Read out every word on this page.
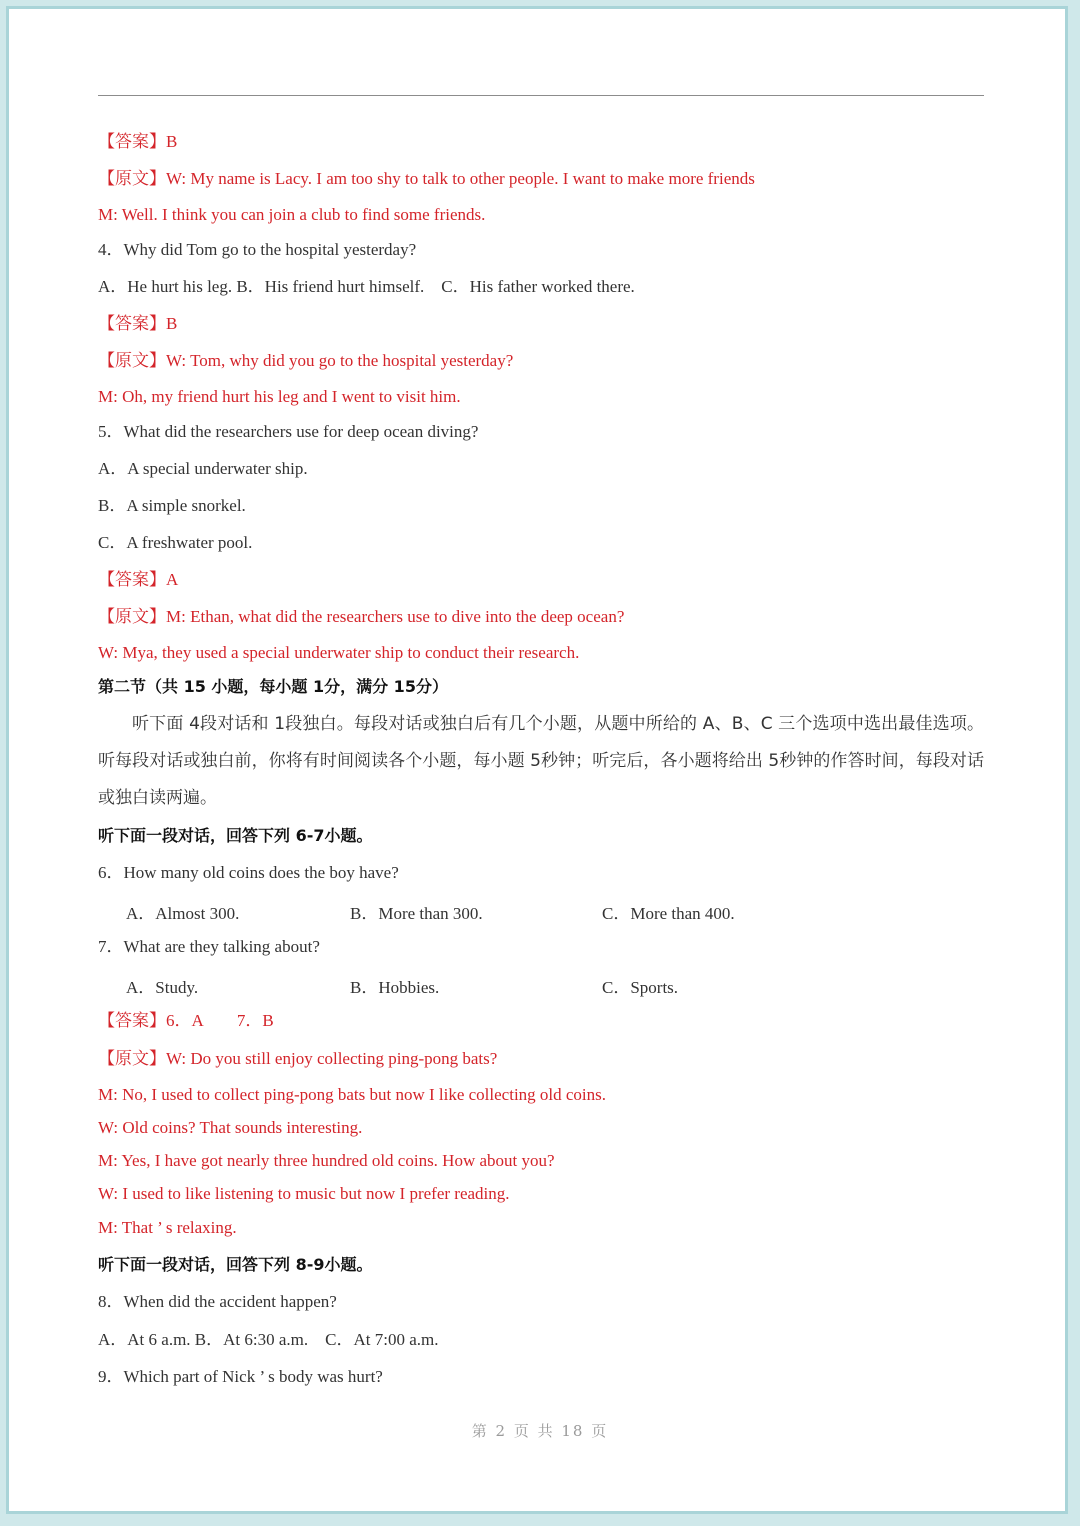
【答案】B
【原文】W: My name is Lacy. I am too shy to talk to other people. I want to make more friends
M: Well. I think you can join a club to find some friends.
4．Why did Tom go to the hospital yesterday?
A．He hurt his leg. B．His friend hurt himself.　C．His father worked there.
【答案】B
【原文】W: Tom, why did you go to the hospital yesterday?
M: Oh, my friend hurt his leg and I went to visit him.
5．What did the researchers use for deep ocean diving?
A．A special underwater ship.
B．A simple snorkel.
C．A freshwater pool.
【答案】A
【原文】M: Ethan, what did the researchers use to dive into the deep ocean?
W: Mya, they used a special underwater ship to conduct their research.
第二节（共 15 小题，每小题 1分，满分 15分）
听下面 4段对话和 1段独白。每段对话或独白后有几个小题，从题中所给的 A、B、C 三个选项中选出最佳选项。听每段对话或独白前，你将有时间阅读各个小题，每小题 5秒钟；听完后，各小题将给出 5秒钟的作答时间，每段对话或独白读两遍。
听下面一段对话，回答下列 6-7小题。
6．How many old coins does the boy have?
A．Almost 300.	B．More than 300.	C．More than 400.
7．What are they talking about?
A．Study.	B．Hobbies.	C．Sports.
【答案】6．A　　7．B
【原文】W: Do you still enjoy collecting ping-pong bats?
M: No, I used to collect ping-pong bats but now I like collecting old coins.
W: Old coins? That sounds interesting.
M: Yes, I have got nearly three hundred old coins. How about you?
W: I used to like listening to music but now I prefer reading.
M: That ’ s relaxing.
听下面一段对话，回答下列 8-9小题。
8．When did the accident happen?
A．At 6 a.m. B．At 6:30 a.m.　C．At 7:00 a.m.
9．Which part of Nick ’ s body was hurt?
第 2 页 共 18 页
